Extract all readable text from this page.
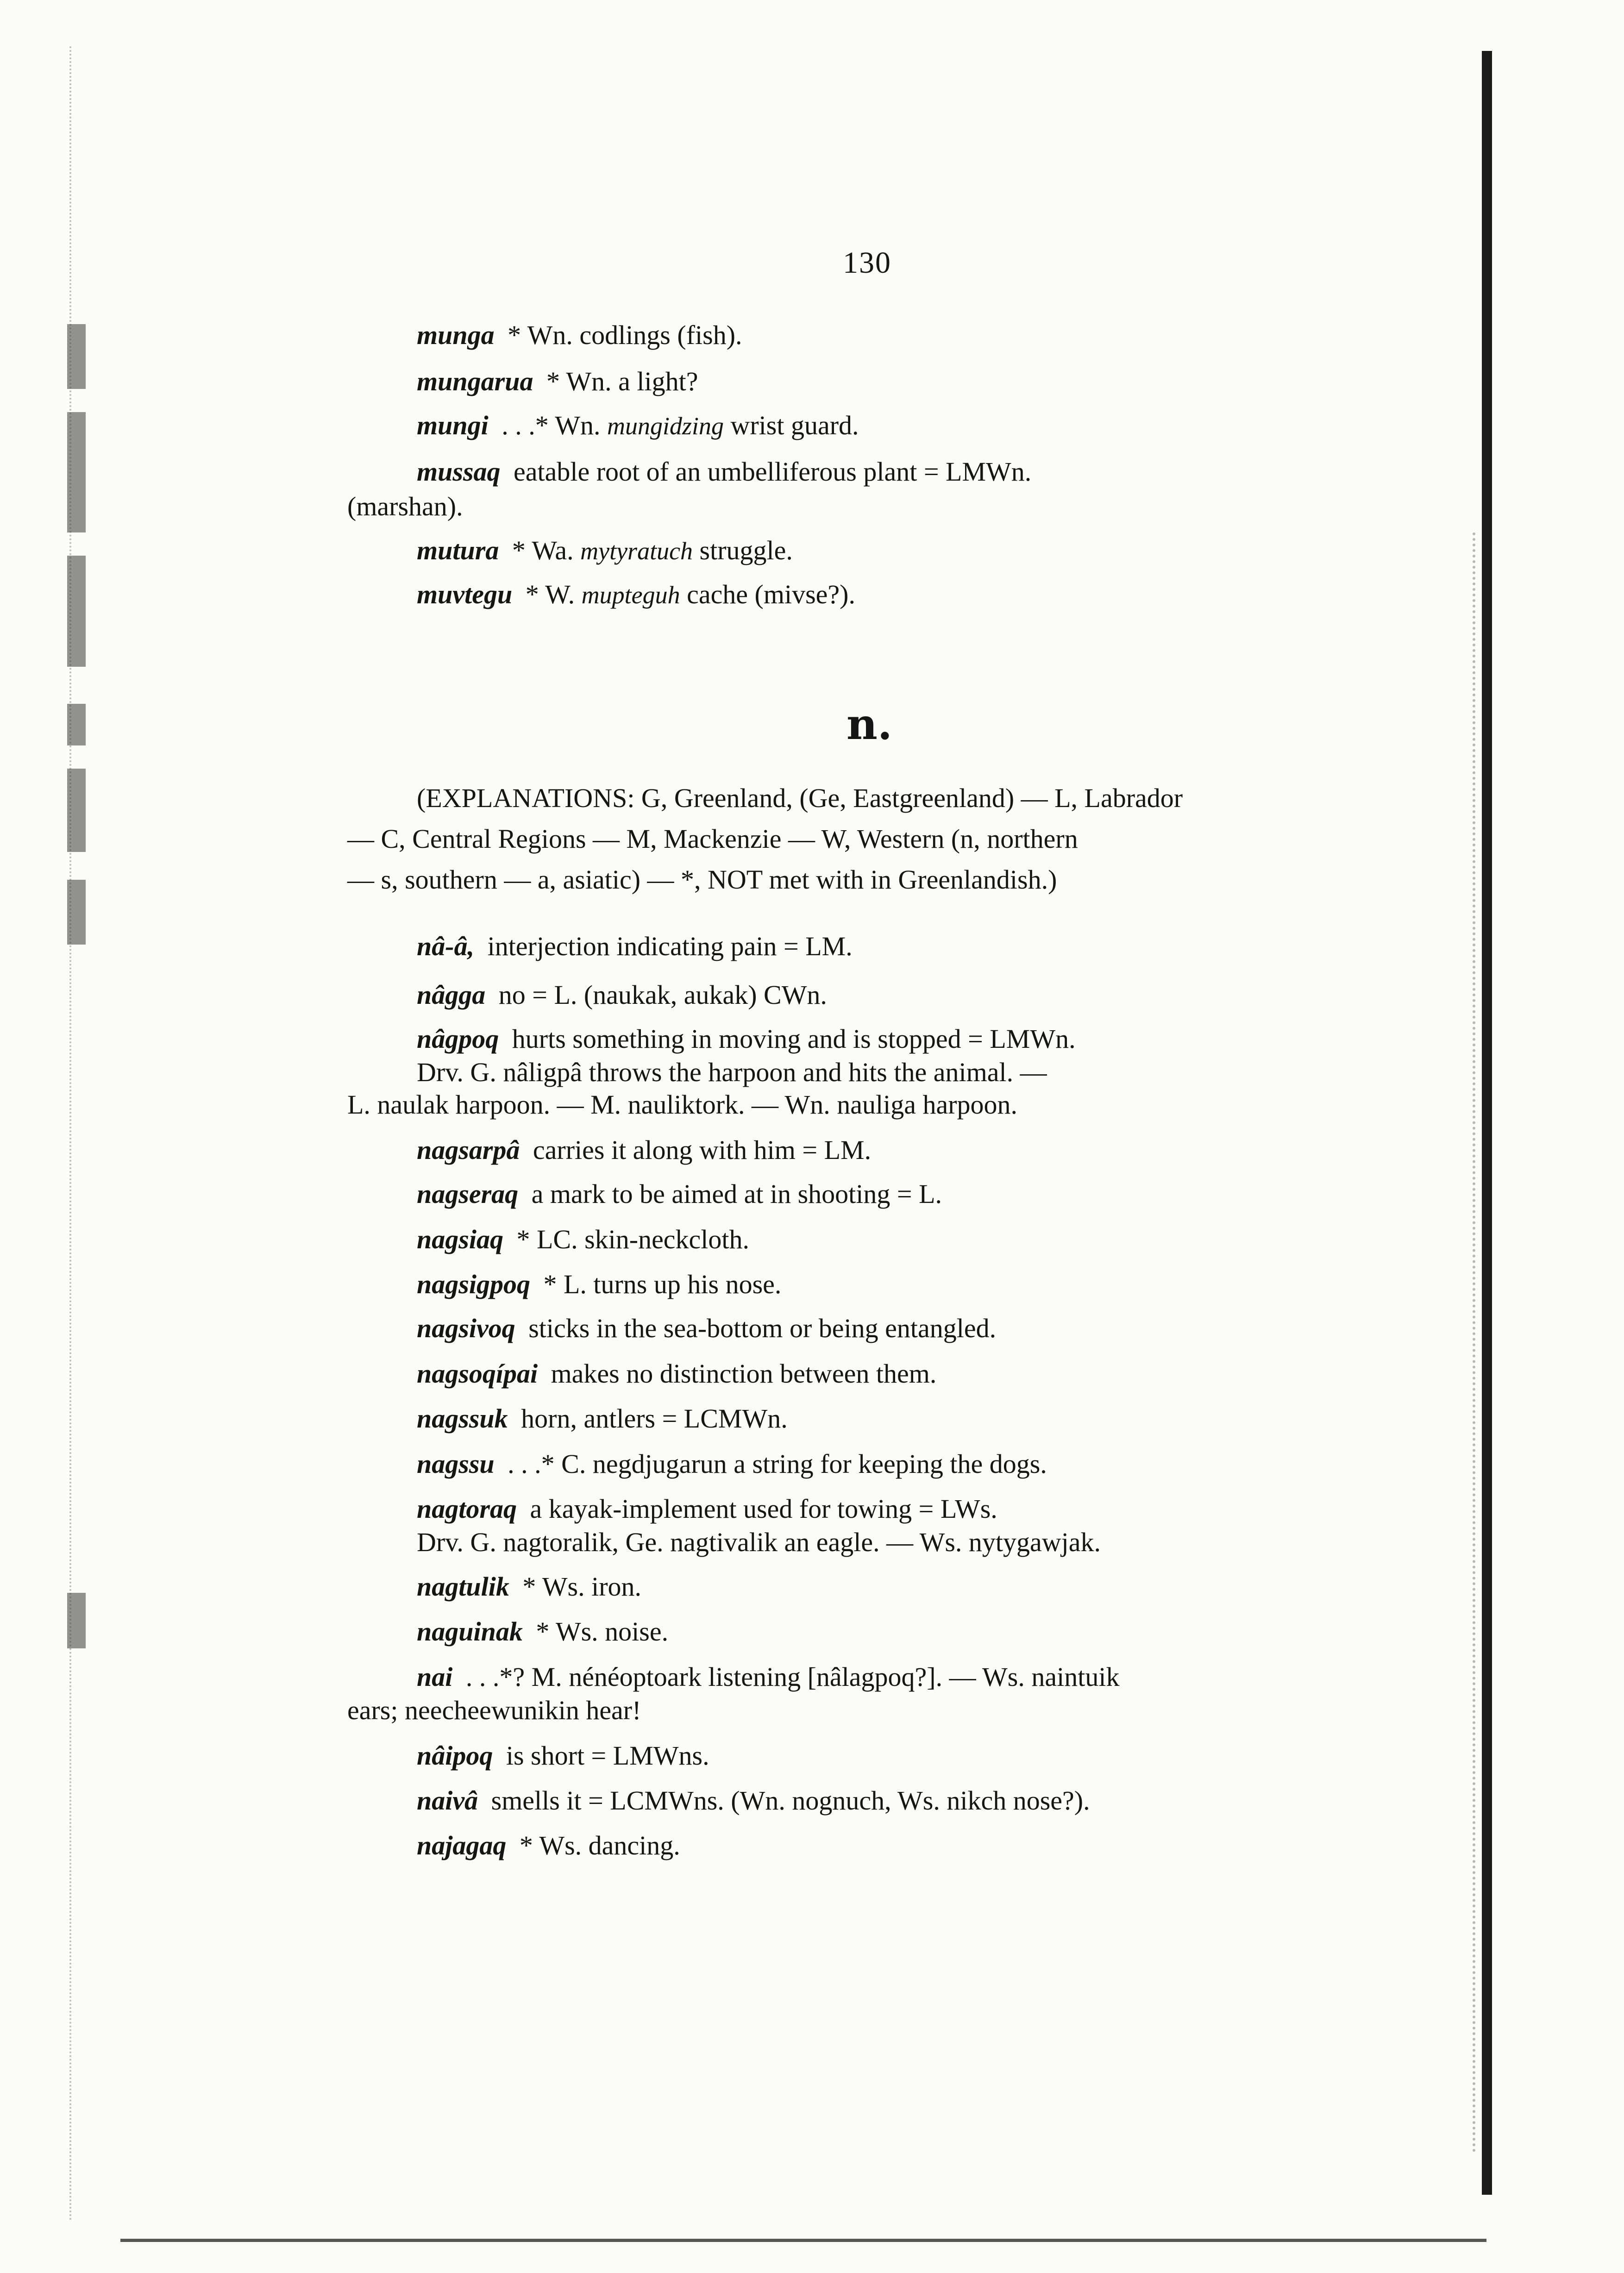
130
munga * Wn. codlings (fish).
mungarua * Wn. a light?
mungi . . .* Wn. mungidzing wrist guard.
mussaq eatable root of an umbelliferous plant = LMWn.
(marshan).
mutura * Wa. mytyratuch struggle.
muvtegu * W. mupteguh cache (mivse?).
n.
(EXPLANATIONS: G, Greenland, (Ge, Eastgreenland) — L, Labrador
— C, Central Regions — M, Mackenzie — W, Western (n, northern
— s, southern — a, asiatic) — *, NOT met with in Greenlandish.)
nâ-â, interjection indicating pain = LM.
nâgga no = L. (naukak, aukak) CWn.
nâgpoq hurts something in moving and is stopped = LMWn.
Drv. G. nâligpâ throws the harpoon and hits the animal. —
L. naulak harpoon. — M. nauliktork. — Wn. nauliga harpoon.
nagsarpâ carries it along with him = LM.
nagseraq a mark to be aimed at in shooting = L.
nagsiaq * LC. skin-neckcloth.
nagsigpoq * L. turns up his nose.
nagsivoq sticks in the sea-bottom or being entangled.
nagsoqípai makes no distinction between them.
nagssuk horn, antlers = LCMWn.
nagssu . . .* C. negdjugarun a string for keeping the dogs.
nagtoraq a kayak-implement used for towing = LWs.
Drv. G. nagtoralik, Ge. nagtivalik an eagle. — Ws. nytygawjak.
nagtulik * Ws. iron.
naguinak * Ws. noise.
nai . . .*? M. nénéoptoark listening [nâlagpoq?]. — Ws. naintuik
ears; neecheewunikin hear!
nâipoq is short = LMWns.
naivâ smells it = LCMWns. (Wn. nognuch, Ws. nikch nose?).
najagaq * Ws. dancing.
